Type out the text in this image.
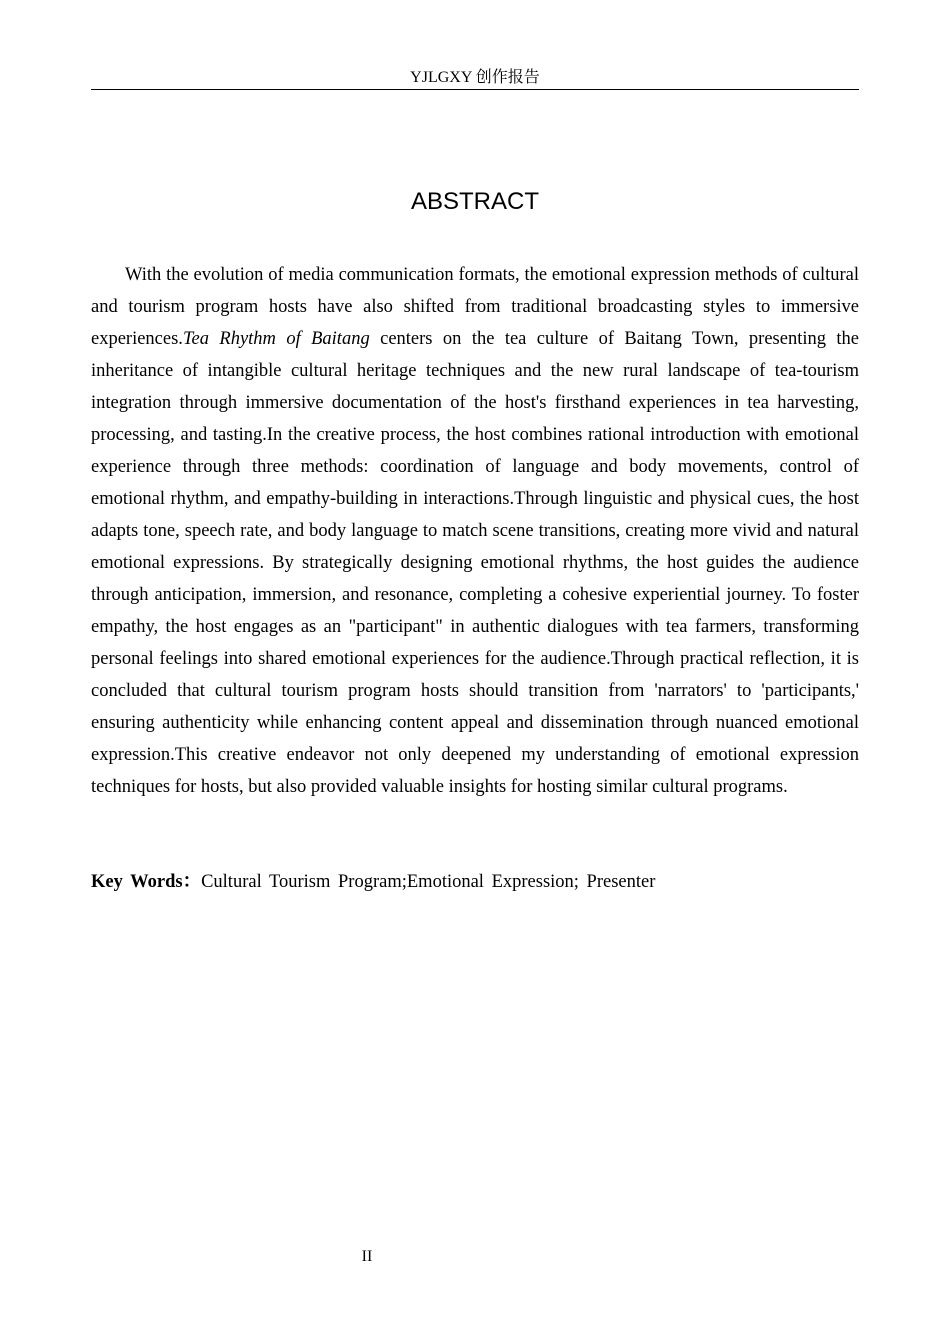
YJLGXY 创作报告
ABSTRACT

With the evolution of media communication formats, the emotional expression methods of cultural and tourism program hosts have also shifted from traditional broadcasting styles to immersive experiences.Tea Rhythm of Baitang centers on the tea culture of Baitang Town, presenting the inheritance of intangible cultural heritage techniques and the new rural landscape of tea-tourism integration through immersive documentation of the host's firsthand experiences in tea harvesting, processing, and tasting.In the creative process, the host combines rational introduction with emotional experience through three methods: coordination of language and body movements, control of emotional rhythm, and empathy-building in interactions.Through linguistic and physical cues, the host adapts tone, speech rate, and body language to match scene transitions, creating more vivid and natural emotional expressions. By strategically designing emotional rhythms, the host guides the audience through anticipation, immersion, and resonance, completing a cohesive experiential journey. To foster empathy, the host engages as an "participant" in authentic dialogues with tea farmers, transforming personal feelings into shared emotional experiences for the audience.Through practical reflection, it is concluded that cultural tourism program hosts should transition from 'narrators' to 'participants,' ensuring authenticity while enhancing content appeal and dissemination through nuanced emotional expression.This creative endeavor not only deepened my understanding of emotional expression techniques for hosts, but also provided valuable insights for hosting similar cultural programs.

Key Words：Cultural Tourism Program;Emotional Expression; Presenter

II
